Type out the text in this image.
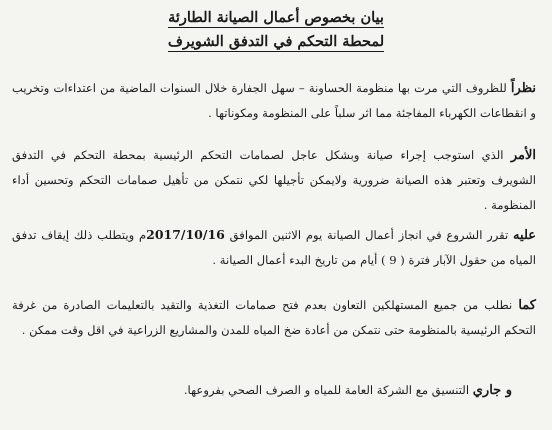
بيان بخصوص أعمال الصيانة الطارئة
لمحطة التحكم في التدفق الشويرف
نظراً للظروف التي مرت بها منظومة الحساونة – سهل الجفارة خلال السنوات الماضية من اعتداءات وتخريب و انقطاعات الكهرباء المفاجئة مما اثر سلباً على المنظومة ومكوناتها .
الأمر الذي استوجب إجراء صيانة وبشكل عاجل لصمامات التحكم الرئيسية بمحطة التحكم في التدفق الشويرف وتعتبر هذه الصيانة ضرورية ولايمكن تأجيلها لكي نتمكن من تأهيل صمامات التحكم وتحسين أداء المنظومة .
عليه تقرر الشروع في انجاز أعمال الصيانة يوم الاثنين الموافق 2017/10/16م ويتطلب ذلك إيقاف تدفق المياه من حقول الآبار فترة ( 9 ) أيام من تاريخ البدء أعمال الصيانة .
كما نطلب من جميع المستهلكين التعاون بعدم فتح صمامات التغذية والتقيد بالتعليمات الصادرة من غرفة التحكم الرئيسية بالمنظومة حتى نتمكن من أعادة ضخ المياه للمدن والمشاريع الزراعية في اقل وقت ممكن .
و جاري التنسيق مع الشركة العامة للمياه و الصرف الصحي بفروعها.
